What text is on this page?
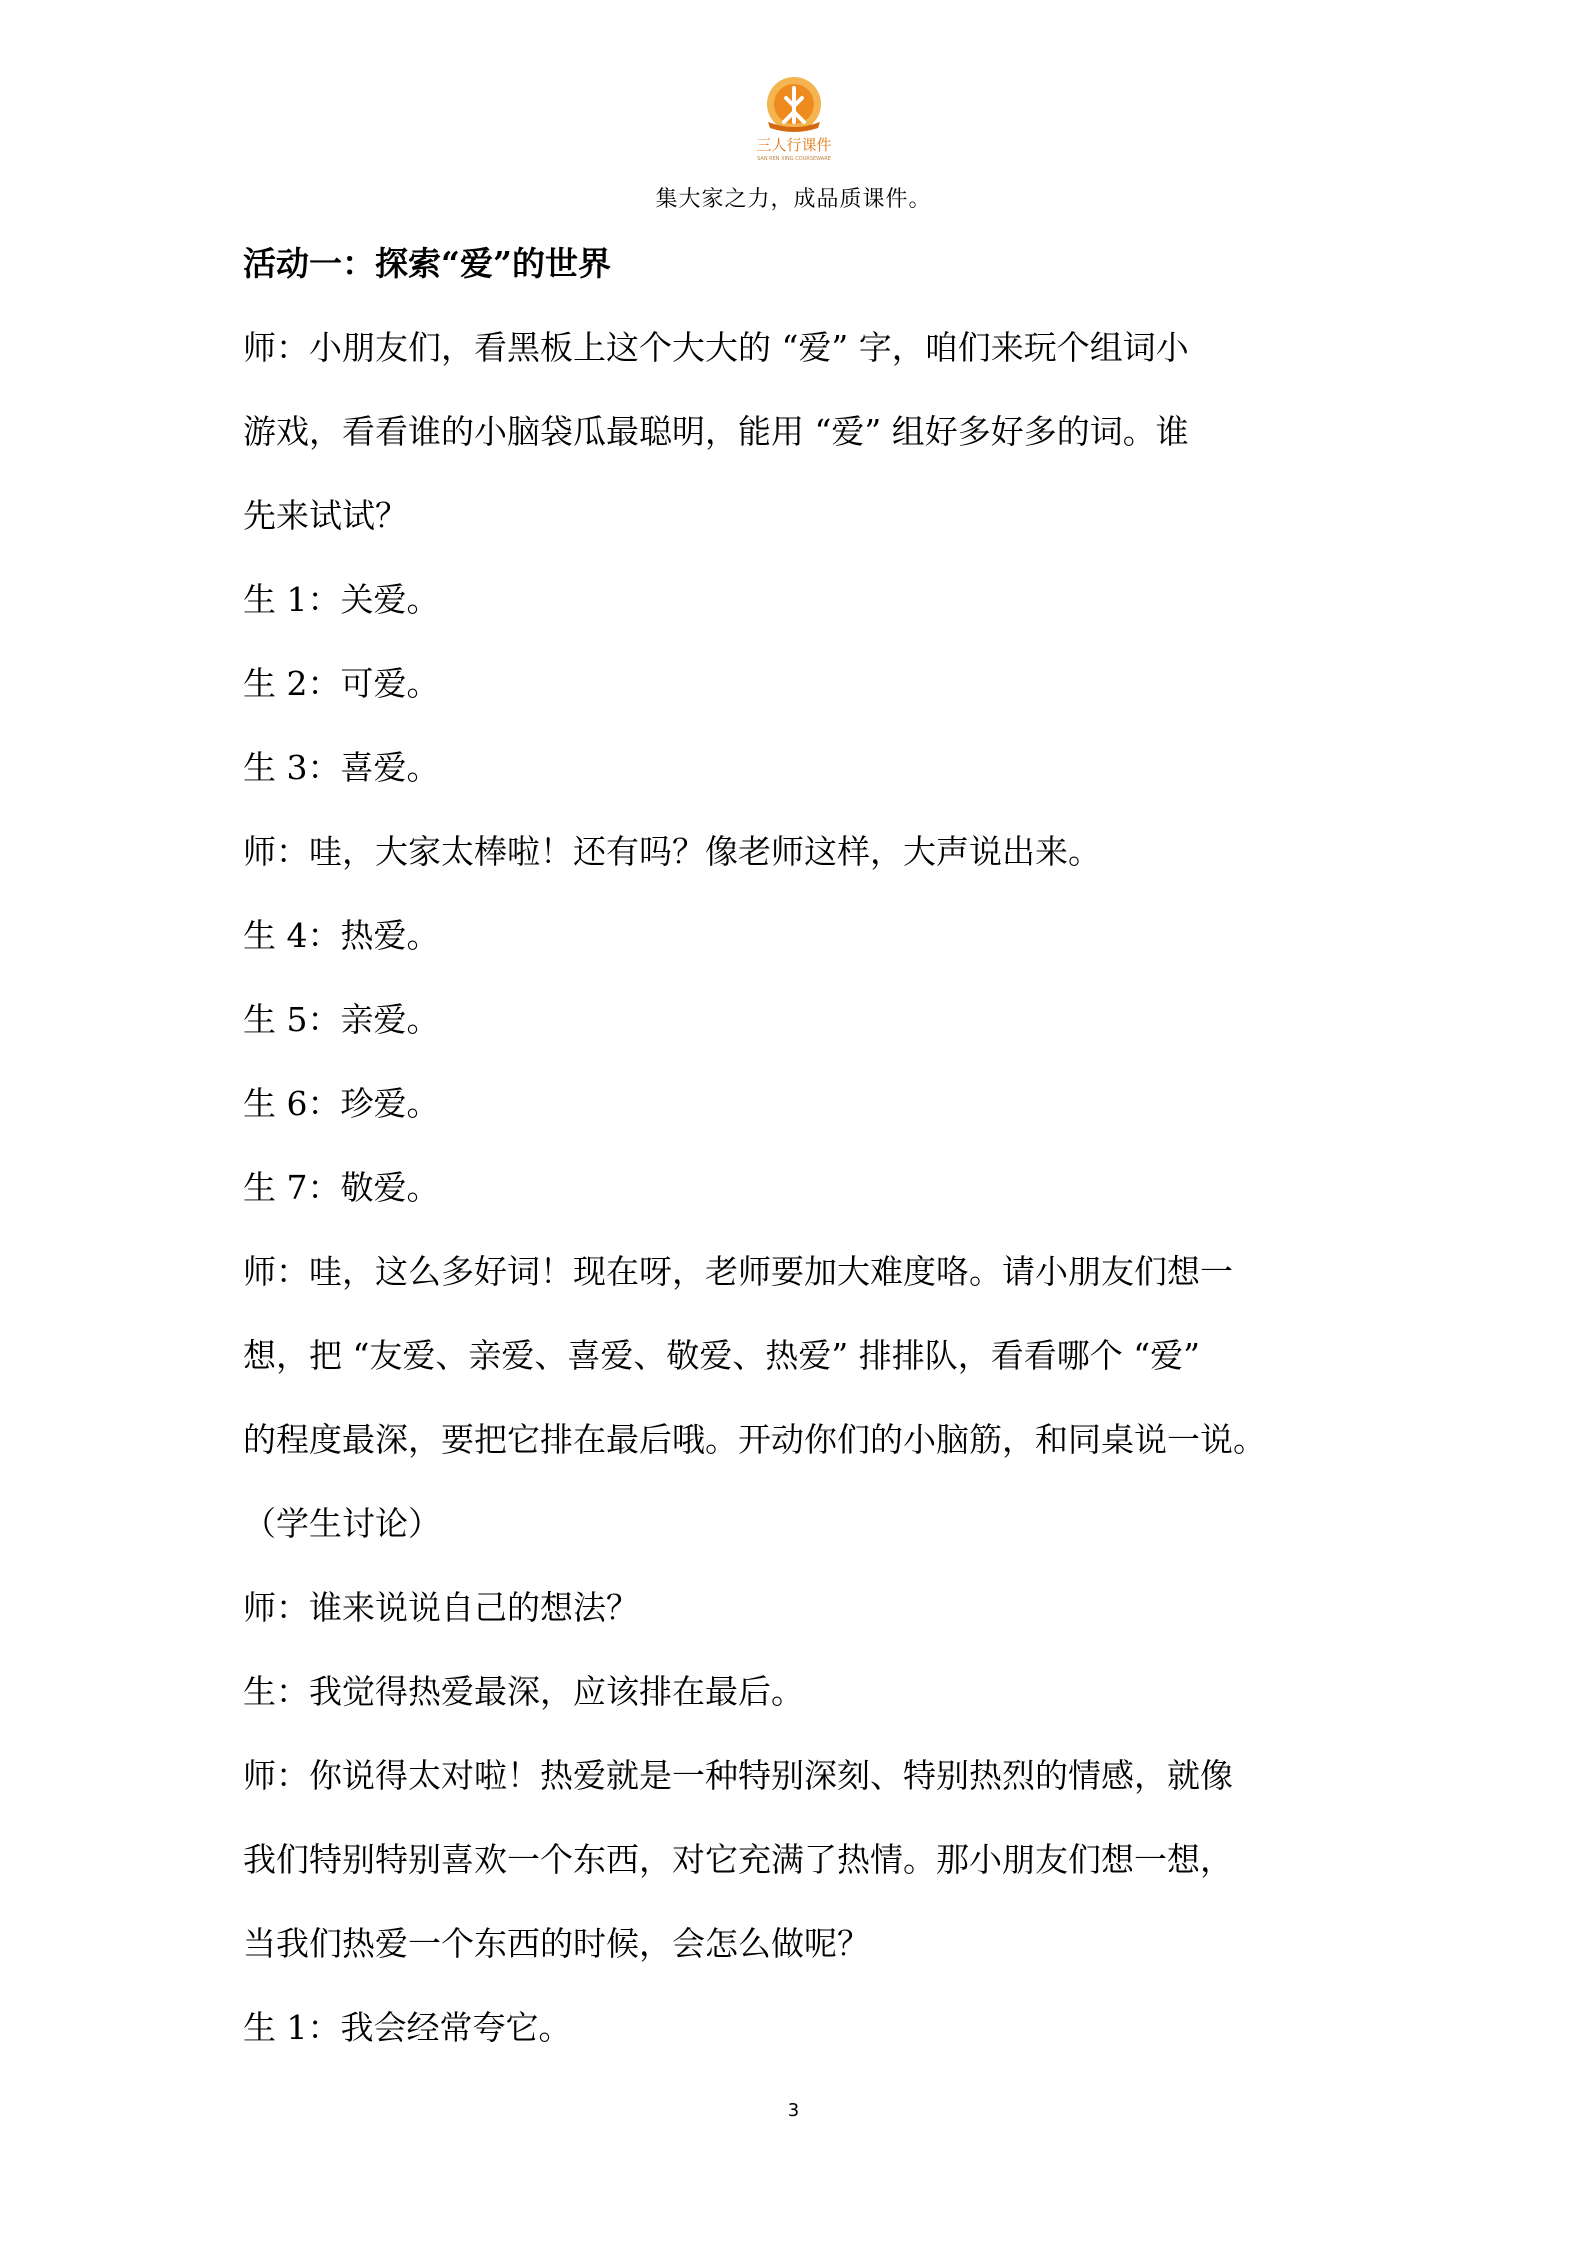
三人行课件
SAN REN XING COURSEWARE
集大家之力，成品质课件。
活动一：探索“爱”的世界
师：小朋友们，看黑板上这个大大的 “爱” 字，咱们来玩个组词小
游戏，看看谁的小脑袋瓜最聪明，能用 “爱” 组好多好多的词。谁
先来试试？
生 1：关爱。
生 2：可爱。
生 3：喜爱。
师：哇，大家太棒啦！还有吗？像老师这样，大声说出来。
生 4：热爱。
生 5：亲爱。
生 6：珍爱。
生 7：敬爱。
师：哇，这么多好词！现在呀，老师要加大难度咯。请小朋友们想一
想，把 “友爱、亲爱、喜爱、敬爱、热爱” 排排队，看看哪个 “爱”
的程度最深，要把它排在最后哦。开动你们的小脑筋，和同桌说一说。
（学生讨论）
师：谁来说说自己的想法？
生：我觉得热爱最深，应该排在最后。
师：你说得太对啦！热爱就是一种特别深刻、特别热烈的情感，就像
我们特别特别喜欢一个东西，对它充满了热情。那小朋友们想一想，
当我们热爱一个东西的时候，会怎么做呢？
生 1：我会经常夸它。
3
